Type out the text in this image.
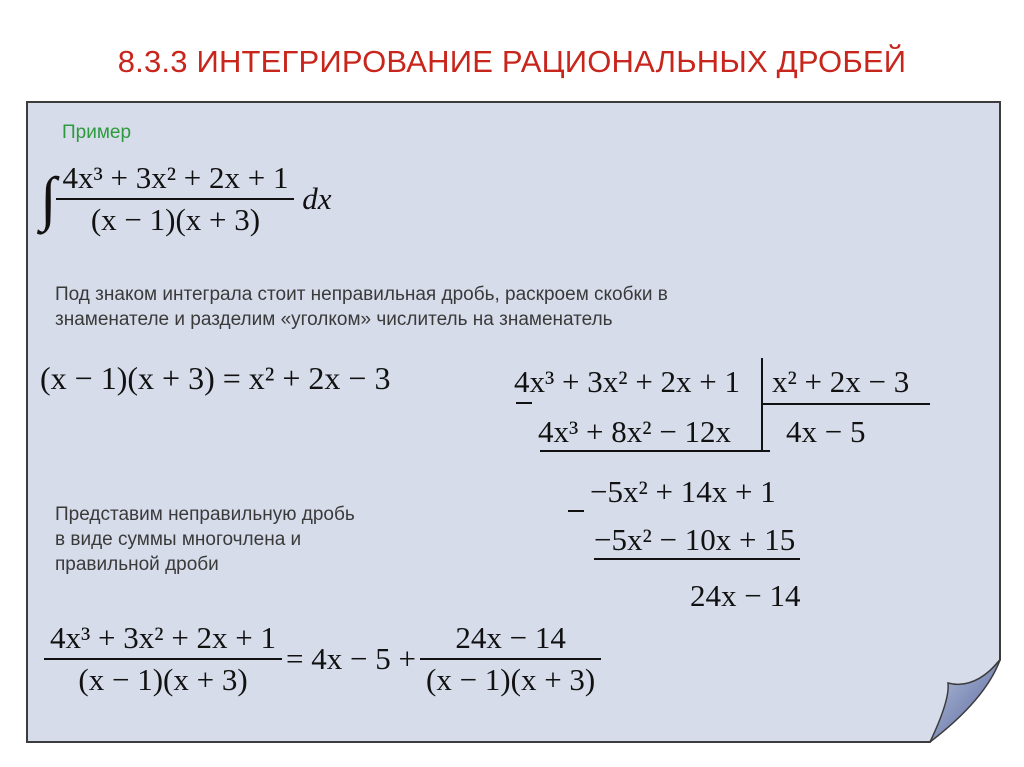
8.3.3 ИНТЕГРИРОВАНИЕ РАЦИОНАЛЬНЫХ ДРОБЕЙ
Пример
∫ $\frac{\text{4x³ + 3x² + 2x + 1}}{(x - 1)(x + 3)}$ dx
Под знаком интеграла стоит неправильная дробь, раскроем скобки в
знаменателе и разделим «уголком» числитель на знаменатель
(x − 1)(x + 3) = x² + 2x − 3	4x³ + 3x² + 2x + 1 x² + 2x − 3
4x³ + 8x² − 12x 4x − 5
−5x² + 14x + 1
−5x² − 10x + 15
24x − 14
Представим неправильную дробь
в виде суммы многочлена и
правильной дроби
$\frac{\text{4x³ + 3x² + 2x + 1}}{(x - 1)(x + 3)} = 4x - 5 + \frac{24x - 14}{(x - 1)(x + 3)}$
